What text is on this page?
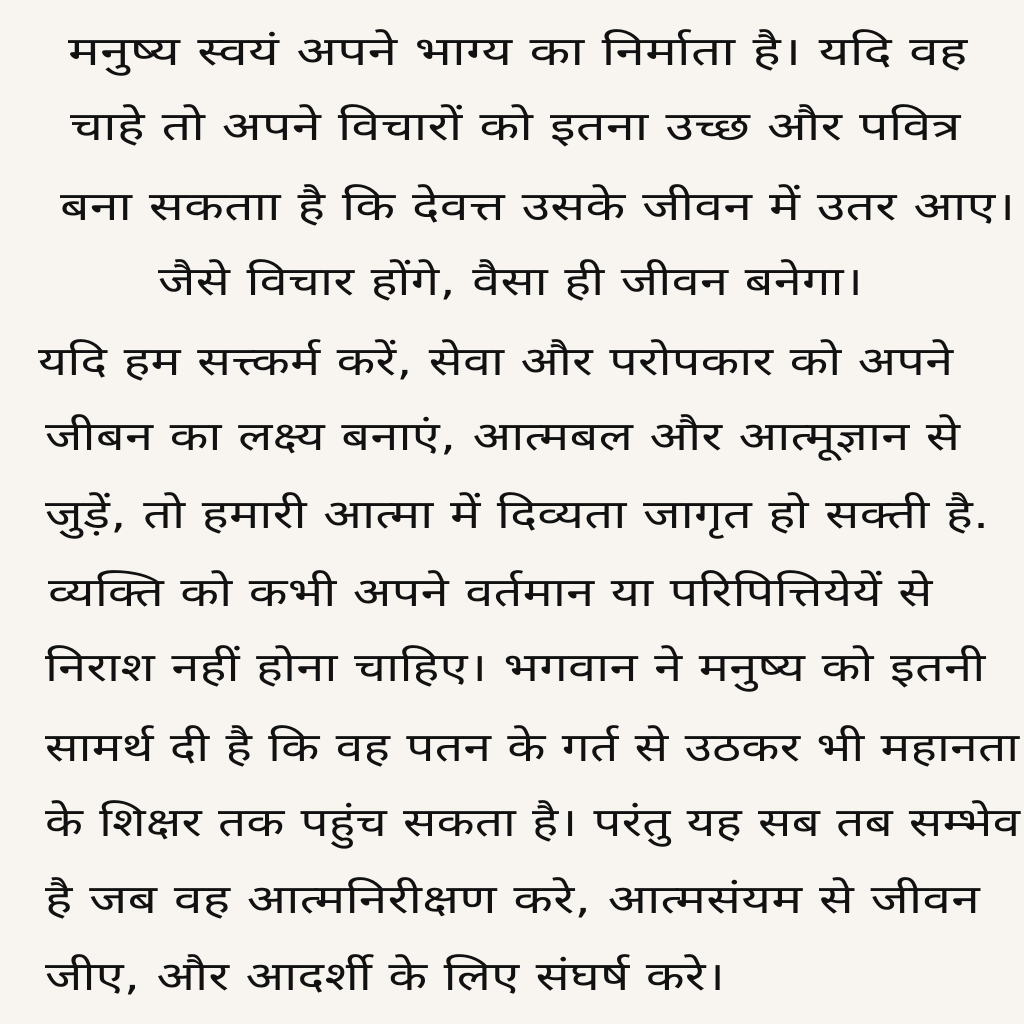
मनुष्य स्वयं अपने भाग्य का निर्माता है। यदि वह
चाहे तो अपने विचारों को इतना उच्छ और पवित्र
बना सकताा है कि देवत्त उसके जीवन में उतर आए।
जैसे विचार होंगे, वैसा ही जीवन बनेगा।
यदि हम सत्त्कर्म करें, सेवा और परोपकार को अपने
जीबन का लक्ष्य बनाएं, आत्मबल और आत्मूज्ञान से
जुड़ें, तो हमारी आत्मा में दिव्यता जागृत हो सक्ती है.
व्यक्ति को कभी अपने वर्तमान या परिपित्तियेयें से
निराश नहीं होना चाहिए। भगवान ने मनुष्य को इतनी
सामर्थ दी है कि वह पतन के गर्त से उठकर भी महानता
के शिक्षर तक पहुंच सकता है। परंतु यह सब तब सम्भेव
है जब वह आत्मनिरीक्षण करे, आत्मसंयम से जीवन
जीए, और आदर्शी के लिए संघर्ष करे।
